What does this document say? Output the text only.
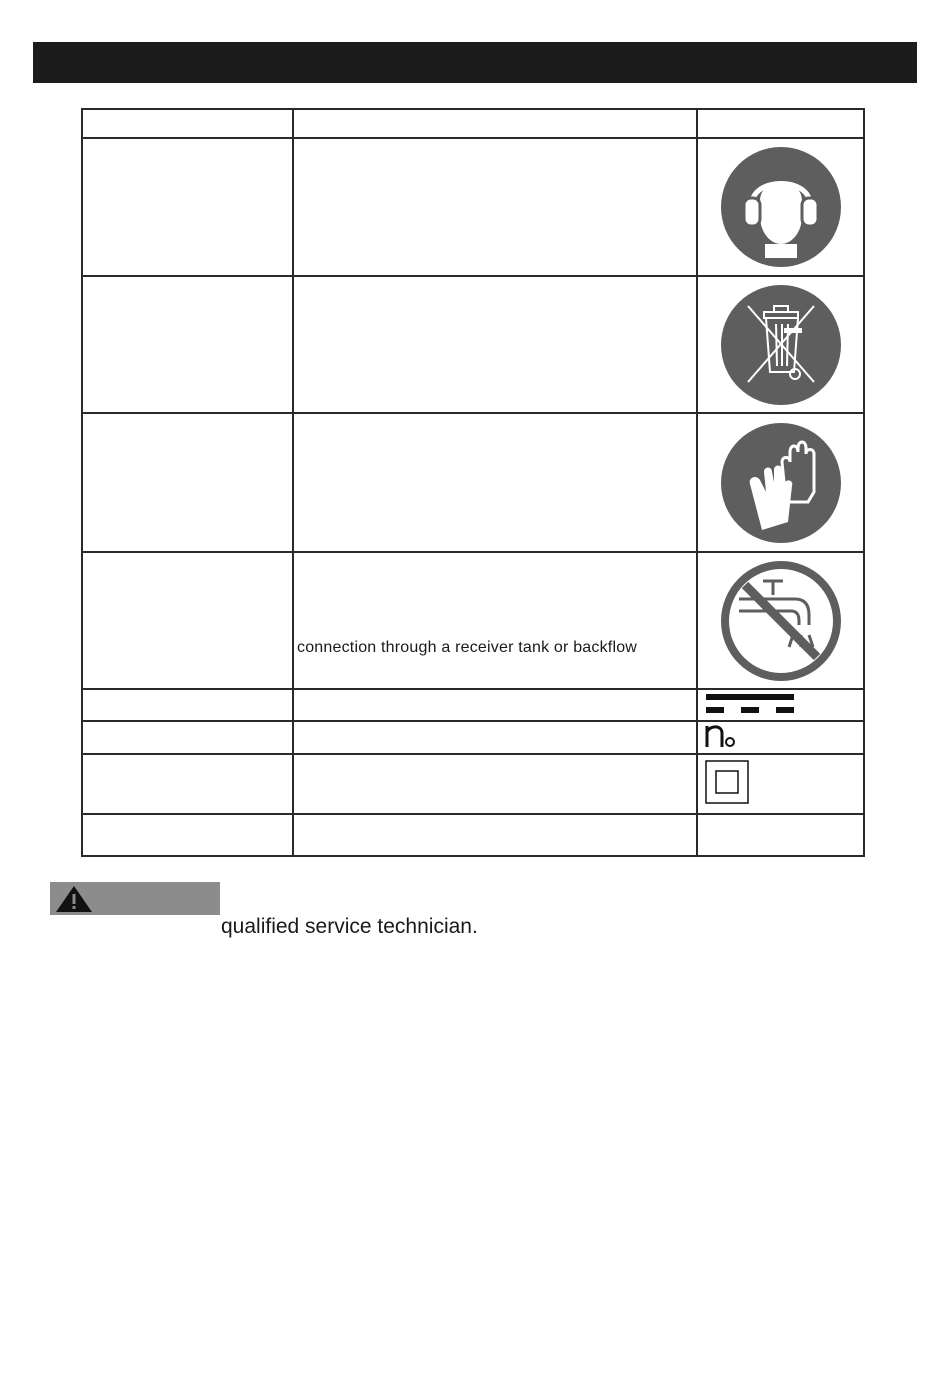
	connection through a receiver tank or backflow

qualified service technician.
